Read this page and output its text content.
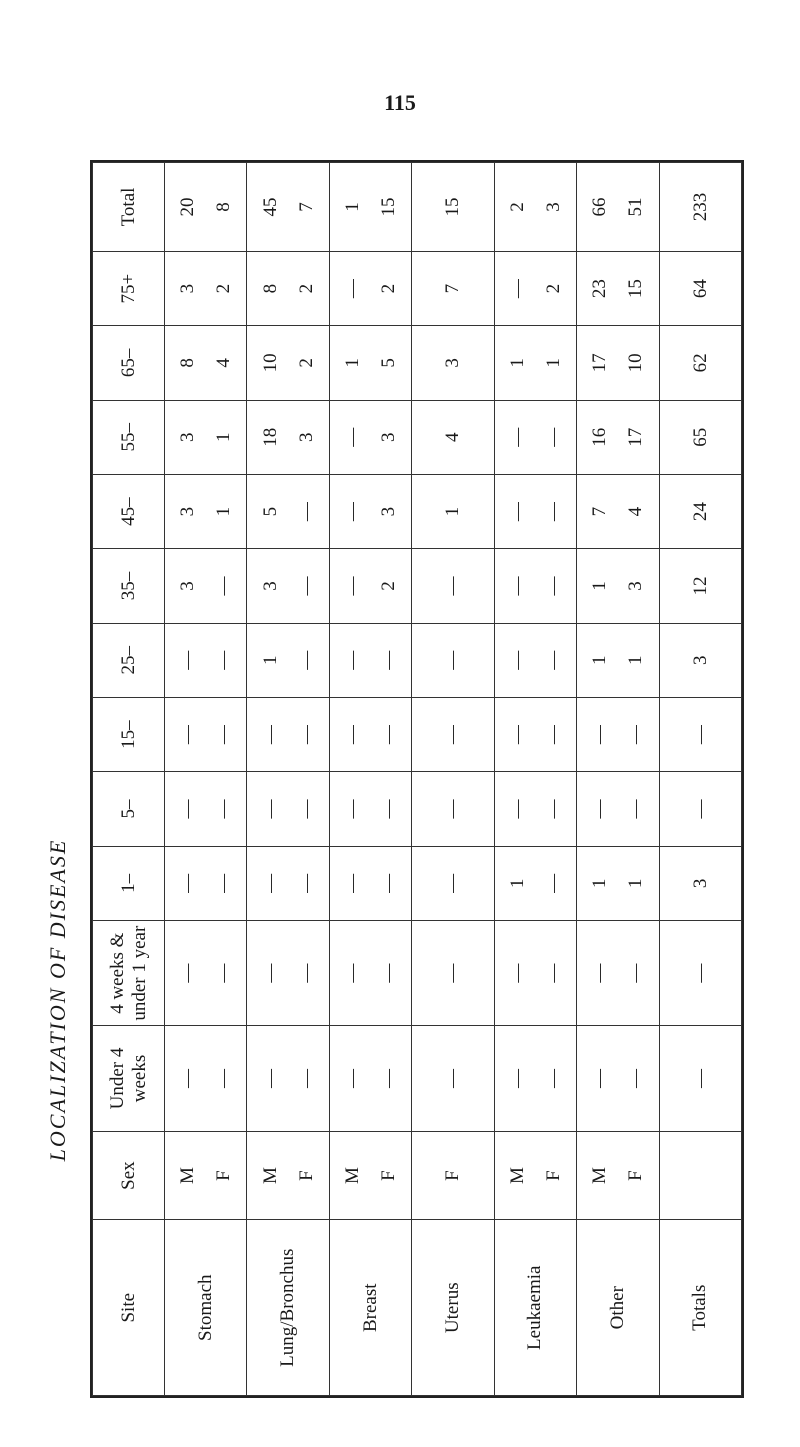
115
LOCALIZATION OF DISEASE
Site	Sex	Under 4 weeks	4 weeks & under 1 year	1–	5–	15–	25–	35–	45–	55–	65–	75+	Total
Stomach	M F	— —	— —	— —	— —	— —	— —	3 —	3 1	3 1	8 4	3 2	20 8

Lung/Bronchus	M F	— —	— —	— —	— —	— —	1 —	3 —	5 —	18 3	10 2	8 2	45 7

Breast	M F	— —	— —	— —	— —	— —	— —	— 2	— 3	— 3	1 5	— 2	1 15

Uterus	F	—	—	—	—	—	—	—	1	4	3	7	15

Leukaemia	M F	— —	— —	1 —	— —	— —	— —	— —	— —	— —	1 1	— 2	2 3

Other	M F	— —	— —	1 1	— —	— —	1 1	1 3	7 4	16 17	17 10	23 15	66 51

Totals		—	—	3	—	—	3	12	24	65	62	64	233
